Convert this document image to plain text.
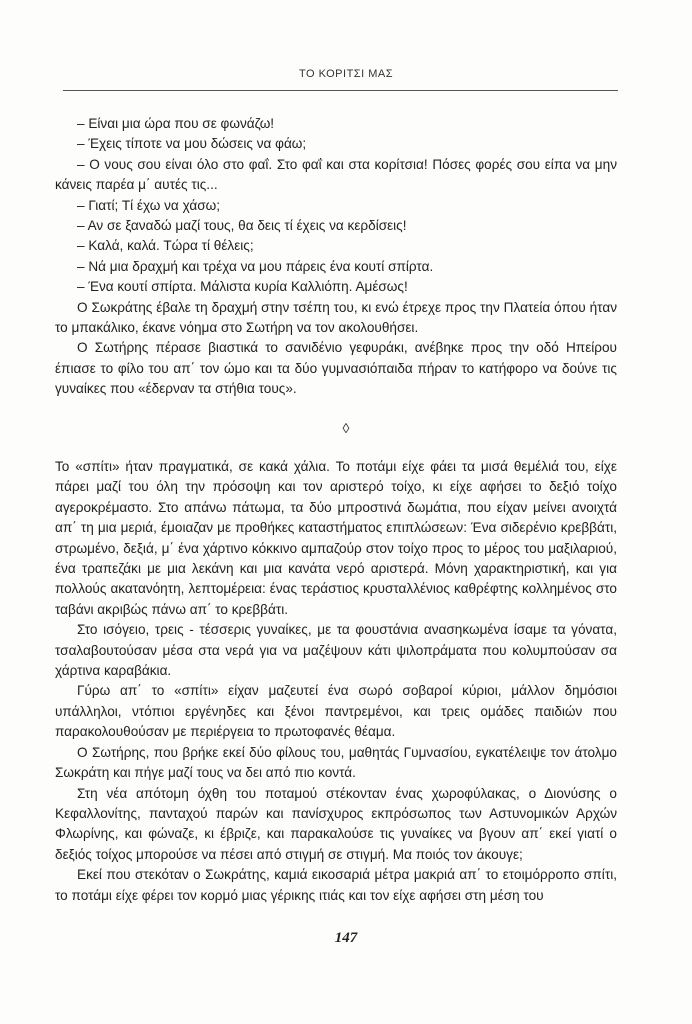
ΤΟ ΚΟΡΙΤΣΙ ΜΑΣ

– Είναι μια ώρα που σε φωνάζω!

– Έχεις τίποτε να μου δώσεις να φάω;

– Ο νους σου είναι όλο στο φαΐ. Στο φαΐ και στα κορίτσια! Πόσες φορές σου είπα να μην κάνεις παρέα μ΄ αυτές τις...

– Γιατί; Τί έχω να χάσω;

– Αν σε ξαναδώ μαζί τους, θα δεις τί έχεις να κερδίσεις!

– Καλά, καλά. Τώρα τί θέλεις;

– Νά μια δραχμή και τρέχα να μου πάρεις ένα κουτί σπίρτα.

– Ένα κουτί σπίρτα. Μάλιστα κυρία Καλλιόπη. Αμέσως!

Ο Σωκράτης έβαλε τη δραχμή στην τσέπη του, κι ενώ έτρεχε προς την Πλατεία όπου ήταν το μπακάλικο, έκανε νόημα στο Σωτήρη να τον ακολουθήσει.

Ο Σωτήρης πέρασε βιαστικά το σανιδένιο γεφυράκι, ανέβηκε προς την οδό Ηπείρου έπιασε το φίλο του απ΄ τον ώμο και τα δύο γυμνασιόπαιδα πήραν το κατήφορο να δούνε τις γυναίκες που «έδερναν τα στήθια τους».

◊

Το «σπίτι» ήταν πραγματικά, σε κακά χάλια. Το ποτάμι είχε φάει τα μισά θεμέλιά του, είχε πάρει μαζί του όλη την πρόσοψη και τον αριστερό τοίχο, κι είχε αφήσει το δεξιό τοίχο αγεροκρέμαστο. Στο απάνω πάτωμα, τα δύο μπροστινά δωμάτια, που είχαν μείνει ανοιχτά απ΄ τη μια μεριά, έμοιαζαν με προθήκες καταστήματος επιπλώσεων: Ένα σιδερένιο κρεββάτι, στρωμένο, δεξιά, μ΄ ένα χάρτινο κόκκινο αμπαζούρ στον τοίχο προς το μέρος του μαξιλαριού, ένα τραπεζάκι με μια λεκάνη και μια κανάτα νερό αριστερά. Μόνη χαρακτηριστική, και για πολλούς ακατανόητη, λεπτομέρεια: ένας τεράστιος κρυσταλλένιος καθρέφτης κολλημένος στο ταβάνι ακριβώς πάνω απ΄ το κρεββάτι.

Στο ισόγειο, τρεις - τέσσερις γυναίκες, με τα φουστάνια ανασηκωμένα ίσαμε τα γόνατα, τσαλαβουτούσαν μέσα στα νερά για να μαζέψουν κάτι ψιλοπράματα που κολυμπούσαν σα χάρτινα καραβάκια.

Γύρω απ΄ το «σπίτι» είχαν μαζευτεί ένα σωρό σοβαροί κύριοι, μάλλον δημόσιοι υπάλληλοι, ντόπιοι εργένηδες και ξένοι παντρεμένοι, και τρεις ομάδες παιδιών που παρακολουθούσαν με περιέργεια το πρωτοφανές θέαμα.

Ο Σωτήρης, που βρήκε εκεί δύο φίλους του, μαθητάς Γυμνασίου, εγκατέλειψε τον άτολμο Σωκράτη και πήγε μαζί τους να δει από πιο κοντά.

Στη νέα απότομη όχθη του ποταμού στέκονταν ένας χωροφύλακας, ο Διονύσης ο Κεφαλλονίτης, πανταχού παρών και πανίσχυρος εκπρόσωπος των Αστυνομικών Αρχών Φλωρίνης, και φώναζε, κι έβριζε, και παρακαλούσε τις γυναίκες να βγουν απ΄ εκεί γιατί ο δεξιός τοίχος μπορούσε να πέσει από στιγμή σε στιγμή. Μα ποιός τον άκουγε;

Εκεί που στεκόταν ο Σωκράτης, καμιά εικοσαριά μέτρα μακριά απ΄ το ετοιμόρροπο σπίτι, το ποτάμι είχε φέρει τον κορμό μιας γέρικης ιτιάς και τον είχε αφήσει στη μέση του

147
